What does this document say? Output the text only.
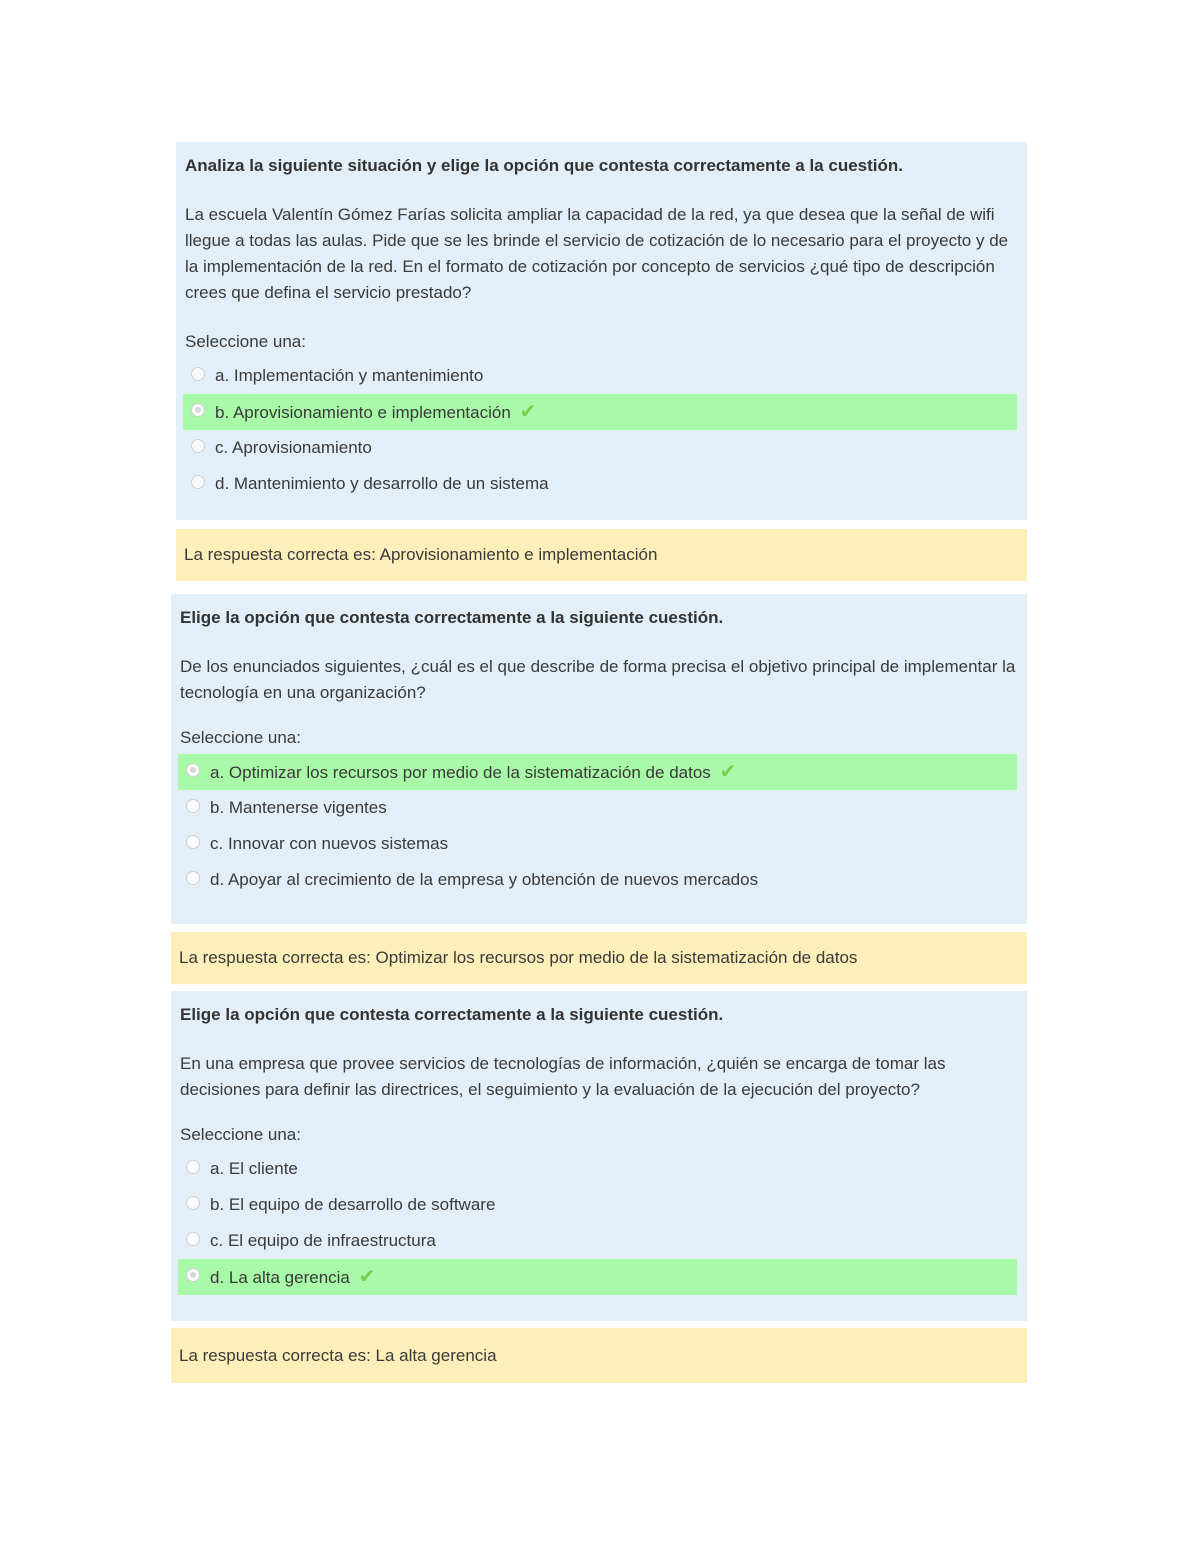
Analiza la siguiente situación y elige la opción que contesta correctamente a la cuestión.

La escuela Valentín Gómez Farías solicita ampliar la capacidad de la red, ya que desea que la señal de wifi llegue a todas las aulas. Pide que se les brinde el servicio de cotización de lo necesario para el proyecto y de la implementación de la red. En el formato de cotización por concepto de servicios ¿qué tipo de descripción crees que defina el servicio prestado?

Seleccione una:

a. Implementación y mantenimiento
b. Aprovisionamiento e implementación ✔
c. Aprovisionamiento
d. Mantenimiento y desarrollo de un sistema
La respuesta correcta es: Aprovisionamiento e implementación

Elige la opción que contesta correctamente a la siguiente cuestión.

De los enunciados siguientes, ¿cuál es el que describe de forma precisa el objetivo principal de implementar la tecnología en una organización?

Seleccione una:

a. Optimizar los recursos por medio de la sistematización de datos ✔
b. Mantenerse vigentes
c. Innovar con nuevos sistemas
d. Apoyar al crecimiento de la empresa y obtención de nuevos mercados
La respuesta correcta es: Optimizar los recursos por medio de la sistematización de datos

Elige la opción que contesta correctamente a la siguiente cuestión.

En una empresa que provee servicios de tecnologías de información, ¿quién se encarga de tomar las decisiones para definir las directrices, el seguimiento y la evaluación de la ejecución del proyecto?

Seleccione una:

a. El cliente
b. El equipo de desarrollo de software
c. El equipo de infraestructura
d. La alta gerencia ✔
La respuesta correcta es: La alta gerencia
